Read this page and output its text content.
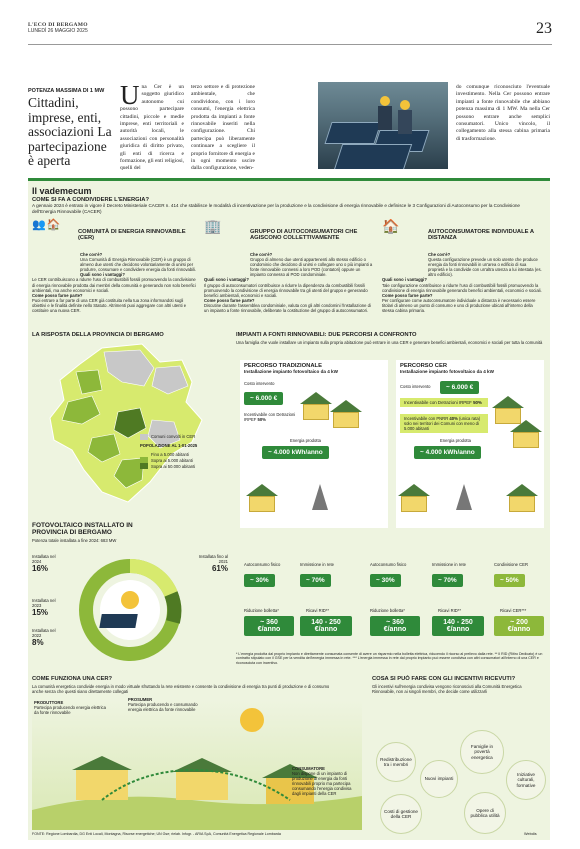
L'ECO DI BERGAMO
LUNEDÌ 26 MAGGIO 2025	23
POTENZA MASSIMA DI 1 MW
Cittadini, imprese, enti, associazioni La partecipazione è aperta
U na Cer è un soggetto giuridico autonomo cui possono partecipare cittadini, piccole e medie imprese, enti territoriali e autorità locali, le associazioni con personalità giuridica di diritto privato, gli enti di ricerca e formazione, gli enti religiosi, quelli del
terzo settore e di protezione ambientale, che condividono, con i loro consumi, l'energia elettrica prodotta da impianti a fonte rinnovabile inseriti nella configurazione. Chi partecipa può liberamente continuare a scegliere il proprio fornitore di energia e in ogni momento uscire dalla configurazione, veden-
do comunque riconosciuto l'eventuale investimento. Nella Cer possono entrare impianti a fonte rinnovabile che abbiano potenza massima di 1 MW. Ma nella Cer possono entrare anche semplici consumatori. Unico vincolo, il collegamento alla stessa cabina primaria di trasformazione.
Il vademecum
COME SI FA A CONDIVIDERE L'ENERGIA?
A gennaio 2024 è entrato in vigore il Decreto Ministeriale CACER n. 414 che stabilisce le modalità di incentivazione per la produzione e la condivisione di energia rinnovabile e definisce le 3 Configurazioni di Autoconsumo per la Condivisione dell'Energia Rinnovabile (CACER)
👥 🏠
COMUNITÀ DI ENERGIA RINNOVABILE (CER)
Che cos'è?
Una Comunità di Energia Rinnovabile (CER) è un gruppo di almeno due utenti che decidono volontariamente di unirsi per produrre, consumare e condividere energia da fonti rinnovabili.
Quali sono i vantaggi?
Le CER contribuiscono a ridurre l'uso di combustibili fossili promuovendo la condivisione di energia rinnovabile prodotta dai membri della comunità e generando non solo benefici ambientali, ma anche economici e sociali.
Come posso farne parte?
Puoi entrare a far parte di una CER già costituita nella tua zona informandoti sugli obiettivi e le finalità definite nello Statuto. Altrimenti puoi aggregare con altri utenti e costituire una nuova CER.
🏢	GRUPPO DI AUTOCONSUMATORI CHE AGISCONO COLLETTIVAMENTE
Che cos'è?
Gruppo di almeno due utenti appartenenti allo stesso edificio o condominio che decidono di unirsi e collegare uno o più impianti a fonte rinnovabile connessi a loro POD (contatori) oppure un impianto connesso al POD condominiale.
Quali sono i vantaggi?
Il gruppo di autoconsumatori contribuisce a ridurre la dipendenza da combustibili fossili promuovendo la condivisione di energia rinnovabile tra gli utenti del gruppo e generando benefici ambientali, economici e sociali.
Come posso farne parte?
Discutine durante l'assemblea condominiale, valuta con gli altri condomini l'installazione di un impianto a fonte rinnovabile, deliberate la costituzione del gruppo di autoconsumatori.
🏠	AUTOCONSUMATORE INDIVIDUALE A DISTANZA
Che cos'è?
Questa configurazione prevede un solo utente che produce energia da fonti rinnovabili in un'area o edificio di sua proprietà e la condivide con un'altra utenza a lui intestata (es. altro edificio).
Quali sono i vantaggi?
Tale configurazione contribuisce a ridurre l'uso di combustibili fossili promuovendo la condivisione di energia rinnovabile generando benefici ambientali, economici e sociali.
Come posso farne parte?
Per configurare come autoconsumatore individuale a distanza è necessario essere titolari di almeno un punto di consumo e uno di produzione ubicati all'interno della stessa cabina primaria.
LA RISPOSTA DELLA PROVINCIA DI BERGAMO
Comuni convolti in CER
POPOLAZIONE AL 1-01-2025
Fino a 5.000 abitanti
Sopra ai 5.000 abitanti
Sopra ai 50.000 abitanti
FOTOVOLTAICO INSTALLATO IN PROVINCIA DI BERGAMO
Potenza totale installata a fine 2024: 683 MW
Installata nel 2024
16%
Installata fino al 2021
61%
Installata nel 2023
15%
Installata nel 2022
8%
IMPIANTI A FONTI RINNOVABILI: DUE PERCORSI A CONFRONTO
Una famiglia che vuole installare un impianto sulla propria abitazione può entrare in una CER e generare benefici ambientali, economici e sociali per tutta la comunità
PERCORSO TRADIZIONALE
Installazione impianto fotovoltaico da 4 kW
Costo intervento
~ 6.000 €
Incentivabile con Detrazioni IRPEF 50%
Energia prodotta
~ 4.000 kWh/anno
PERCORSO CER
Installazione impianto fotovoltaico da 4 kW
Costo intervento	~ 6.000 €
Incentivabile con Detrazioni IRPEF 50%
Incentivabile con PNRR 40% (unica rata) solo nei territori dei Comuni con meno di 5.000 abitanti
Energia prodotta
~ 4.000 kWh/anno
Autoconsumo fisico
~ 30%
Immissione in rete
~ 70%
Autoconsumo fisico
~ 30%
Immissione in rete
~ 70%
Condivisione CER
~ 50%
Riduzione bolletta*
~ 360 €/anno
Ricavi RID**
140 - 250 €/anno
Riduzione bolletta*
~ 360 €/anno
Ricavi RID**
140 - 250 €/anno
Ricavi CER***
~ 200 €/anno
* L'energia prodotta dal proprio impianto e direttamente consumata consente di avere un risparmio nella bolletta elettrica, riducendo il ricorso al prelievo dalla rete. ** Il RID (Ritiro Dedicato) è un contratto stipulato con il GSE per la vendita dell'energia immessa in rete. *** L'energia immessa in rete dal proprio impianto può essere condivisa con altri consumatori all'interno di una CER e riconosciuta con incentivo.
COME FUNZIONA UNA CER?
La comunità energetica condivide energia in modo virtuale sfruttando la rete esistente e consente la condivisione di energia tra punti di produzione e di consumo anche senza che questi siano direttamente collegati
PRODUTTORE
Partecipa producendo energia elettrica da fonte rinnovabile
PROSUMER
Partecipa producendo e consumando energia elettrica da fonte rinnovabile
CONSUMATORE
Non dispone di un impianto di produzione di energia da fonti rinnovabili proprio ma partecipa consumando l'energia condivisa dagli impianti della CER
COSA SI PUÒ FARE CON GLI INCENTIVI RICEVUTI?
Gli incentivi sull'energia condivisa vengono riconosciuti alla Comunità Energetica Rinnovabile, non ai singoli membri, che decide come utilizzarli
Redistribuzione tra i membri
Nuovi impianti
Famiglie in povertà energetica
Iniziative culturali, formative
Costi di gestione della CER
Opere di pubblica utilità
FONTE: Regione Lombardia, DG Enti Locali, Montagna, Risorse energetiche; UN Gse; rielab. Infogr. - ARIA SpA, Comunità Energetica Regionale Lombarda	Webdis
